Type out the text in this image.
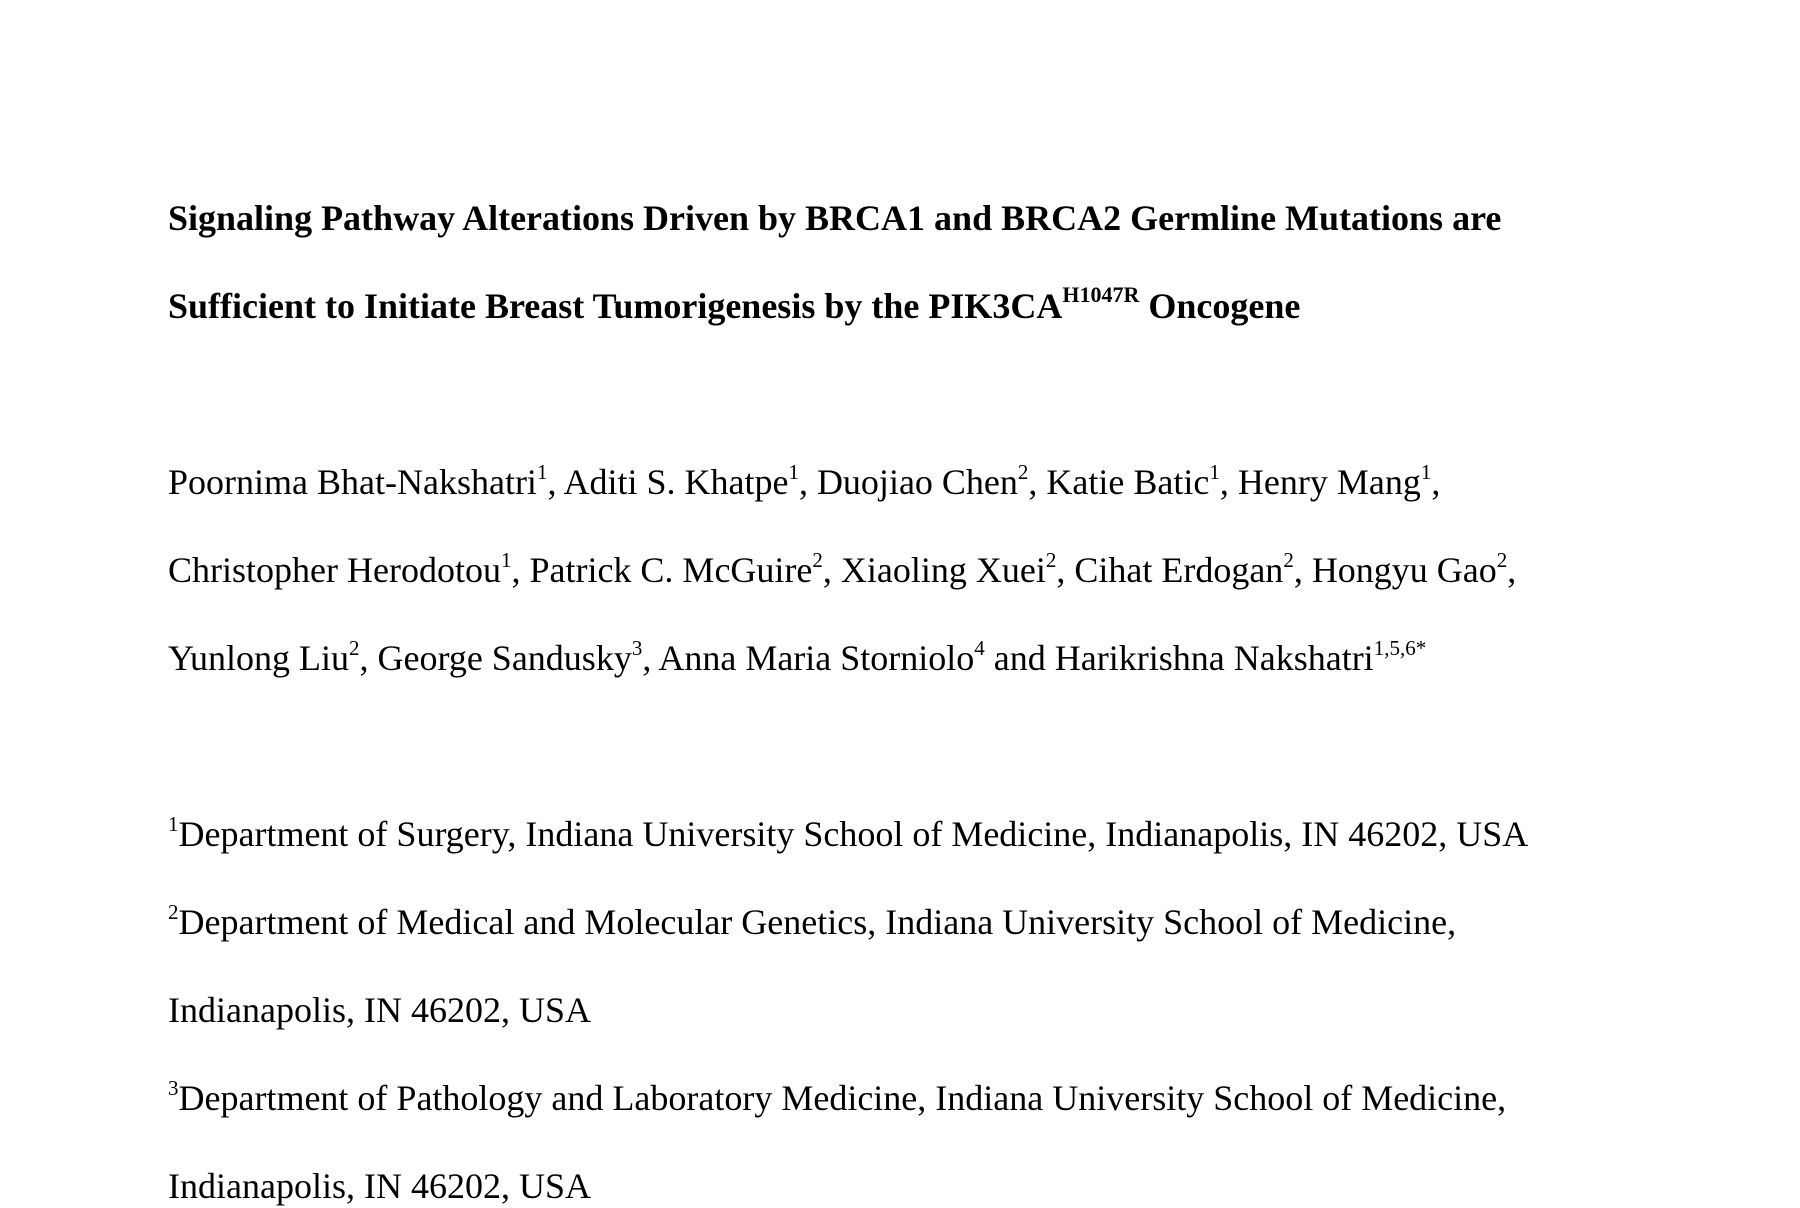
Signaling Pathway Alterations Driven by BRCA1 and BRCA2 Germline Mutations are
Sufficient to Initiate Breast Tumorigenesis by the $PIK3CA^{H1047R}$ Oncogene
Poornima Bhat-Nakshatri$^1$, Aditi S. Khatpe$^1$, Duojiao Chen$^2$, Katie Batic$^1$, Henry Mang$^1$,
Christopher Herodotou$^1$, Patrick C. McGuire$^2$, Xiaoling Xuei$^2$, Cihat Erdogan$^2$, Hongyu Gao$^2$,
Yunlong Liu$^2$, George Sandusky$^3$, Anna Maria Storniolo$^4$ and Harikrishna Nakshatri$^{1,5,6*}$
$^1$Department of Surgery, Indiana University School of Medicine, Indianapolis, IN 46202, USA
$^2$Department of Medical and Molecular Genetics, Indiana University School of Medicine,
Indianapolis, IN 46202, USA
$^3$Department of Pathology and Laboratory Medicine, Indiana University School of Medicine,
Indianapolis, IN 46202, USA
